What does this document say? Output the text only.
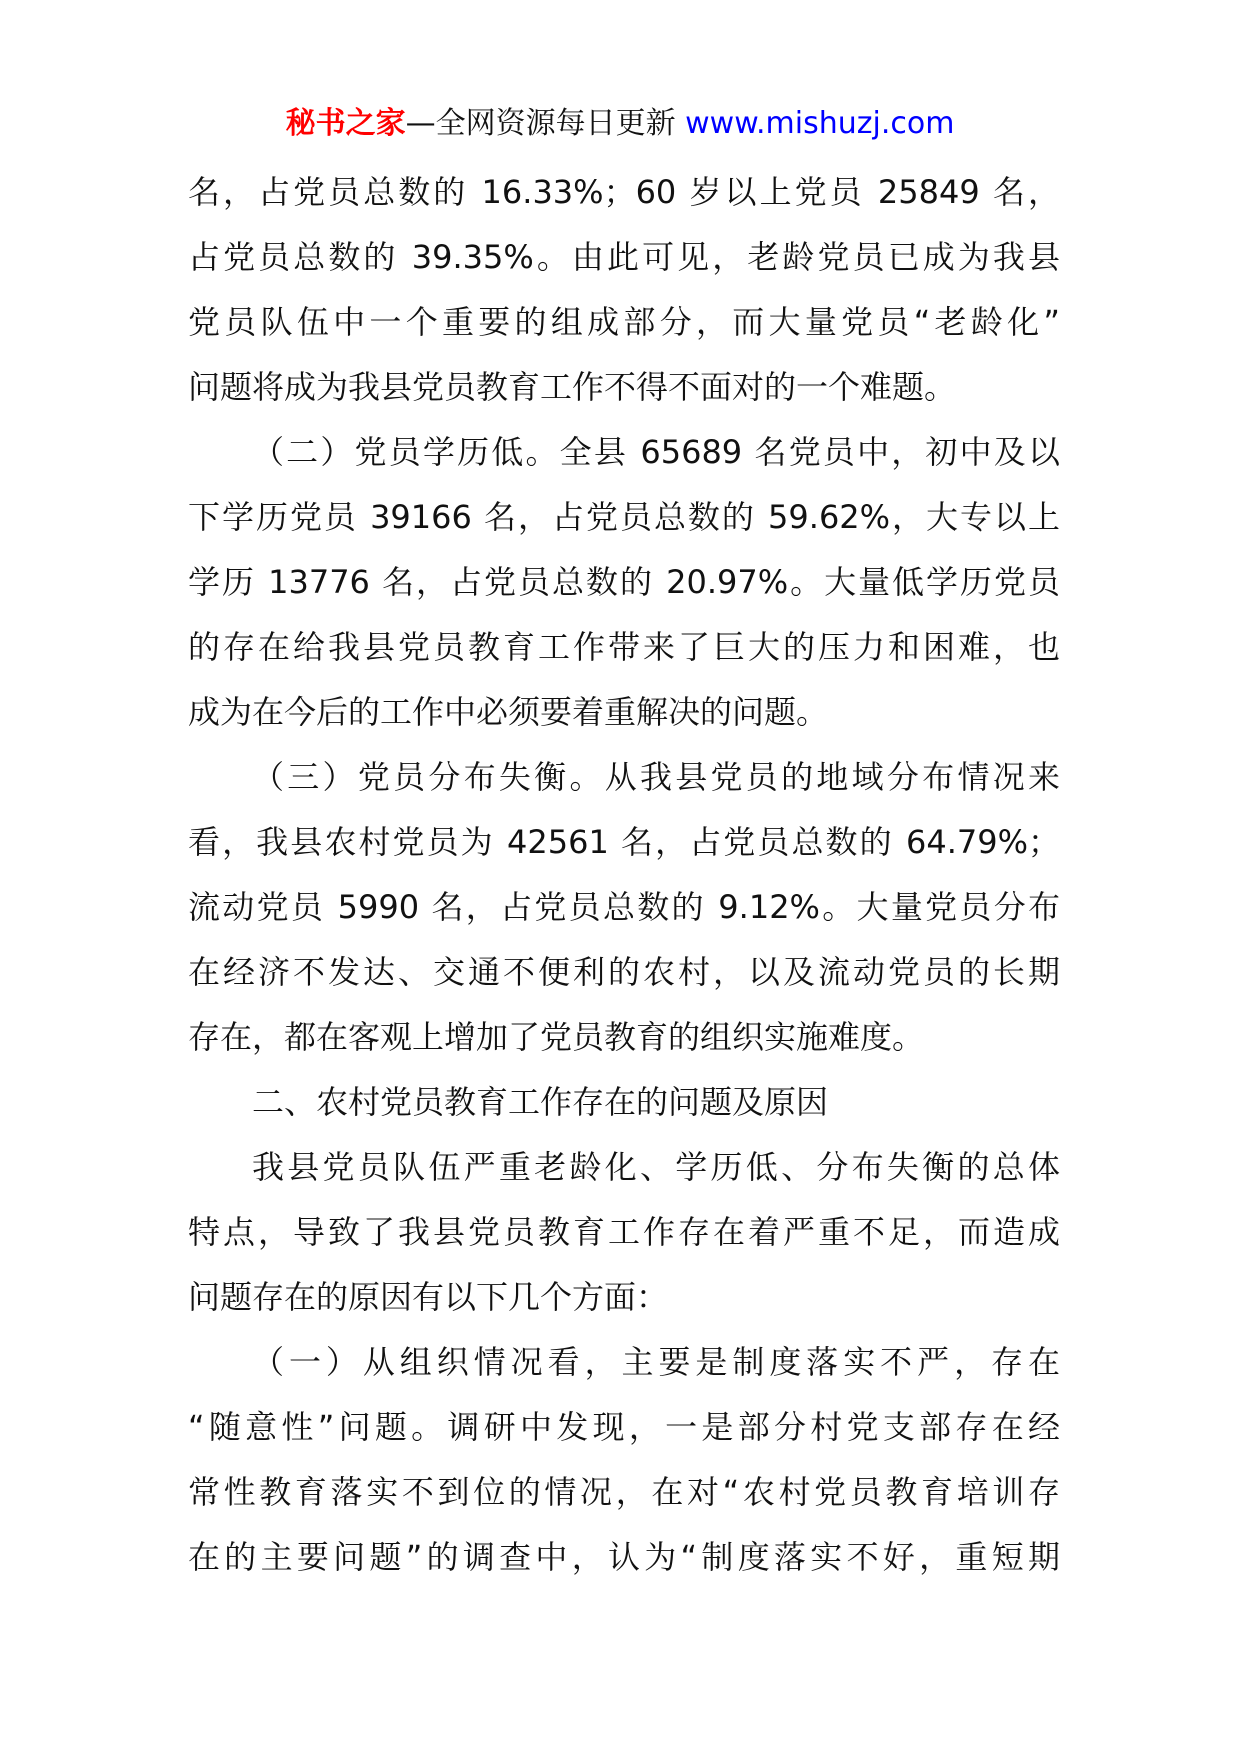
秘书之家—全网资源每日更新 www.mishuzj.com
名，占党员总数的 16.33%；60 岁以上党员 25849 名，
占党员总数的 39.35%。由此可见，老龄党员已成为我县
党员队伍中一个重要的组成部分，而大量党员“老龄化”
问题将成为我县党员教育工作不得不面对的一个难题。
（二）党员学历低。全县 65689 名党员中，初中及以
下学历党员 39166 名，占党员总数的 59.62%，大专以上
学历 13776 名，占党员总数的 20.97%。大量低学历党员
的存在给我县党员教育工作带来了巨大的压力和困难，也
成为在今后的工作中必须要着重解决的问题。
（三）党员分布失衡。从我县党员的地域分布情况来
看，我县农村党员为 42561 名，占党员总数的 64.79%；
流动党员 5990 名，占党员总数的 9.12%。大量党员分布
在经济不发达、交通不便利的农村，以及流动党员的长期
存在，都在客观上增加了党员教育的组织实施难度。
二、农村党员教育工作存在的问题及原因
我县党员队伍严重老龄化、学历低、分布失衡的总体
特点，导致了我县党员教育工作存在着严重不足，而造成
问题存在的原因有以下几个方面：
（一）从组织情况看，主要是制度落实不严，存在
“随意性”问题。调研中发现，一是部分村党支部存在经
常性教育落实不到位的情况，在对“农村党员教育培训存
在的主要问题”的调查中，认为“制度落实不好，重短期
